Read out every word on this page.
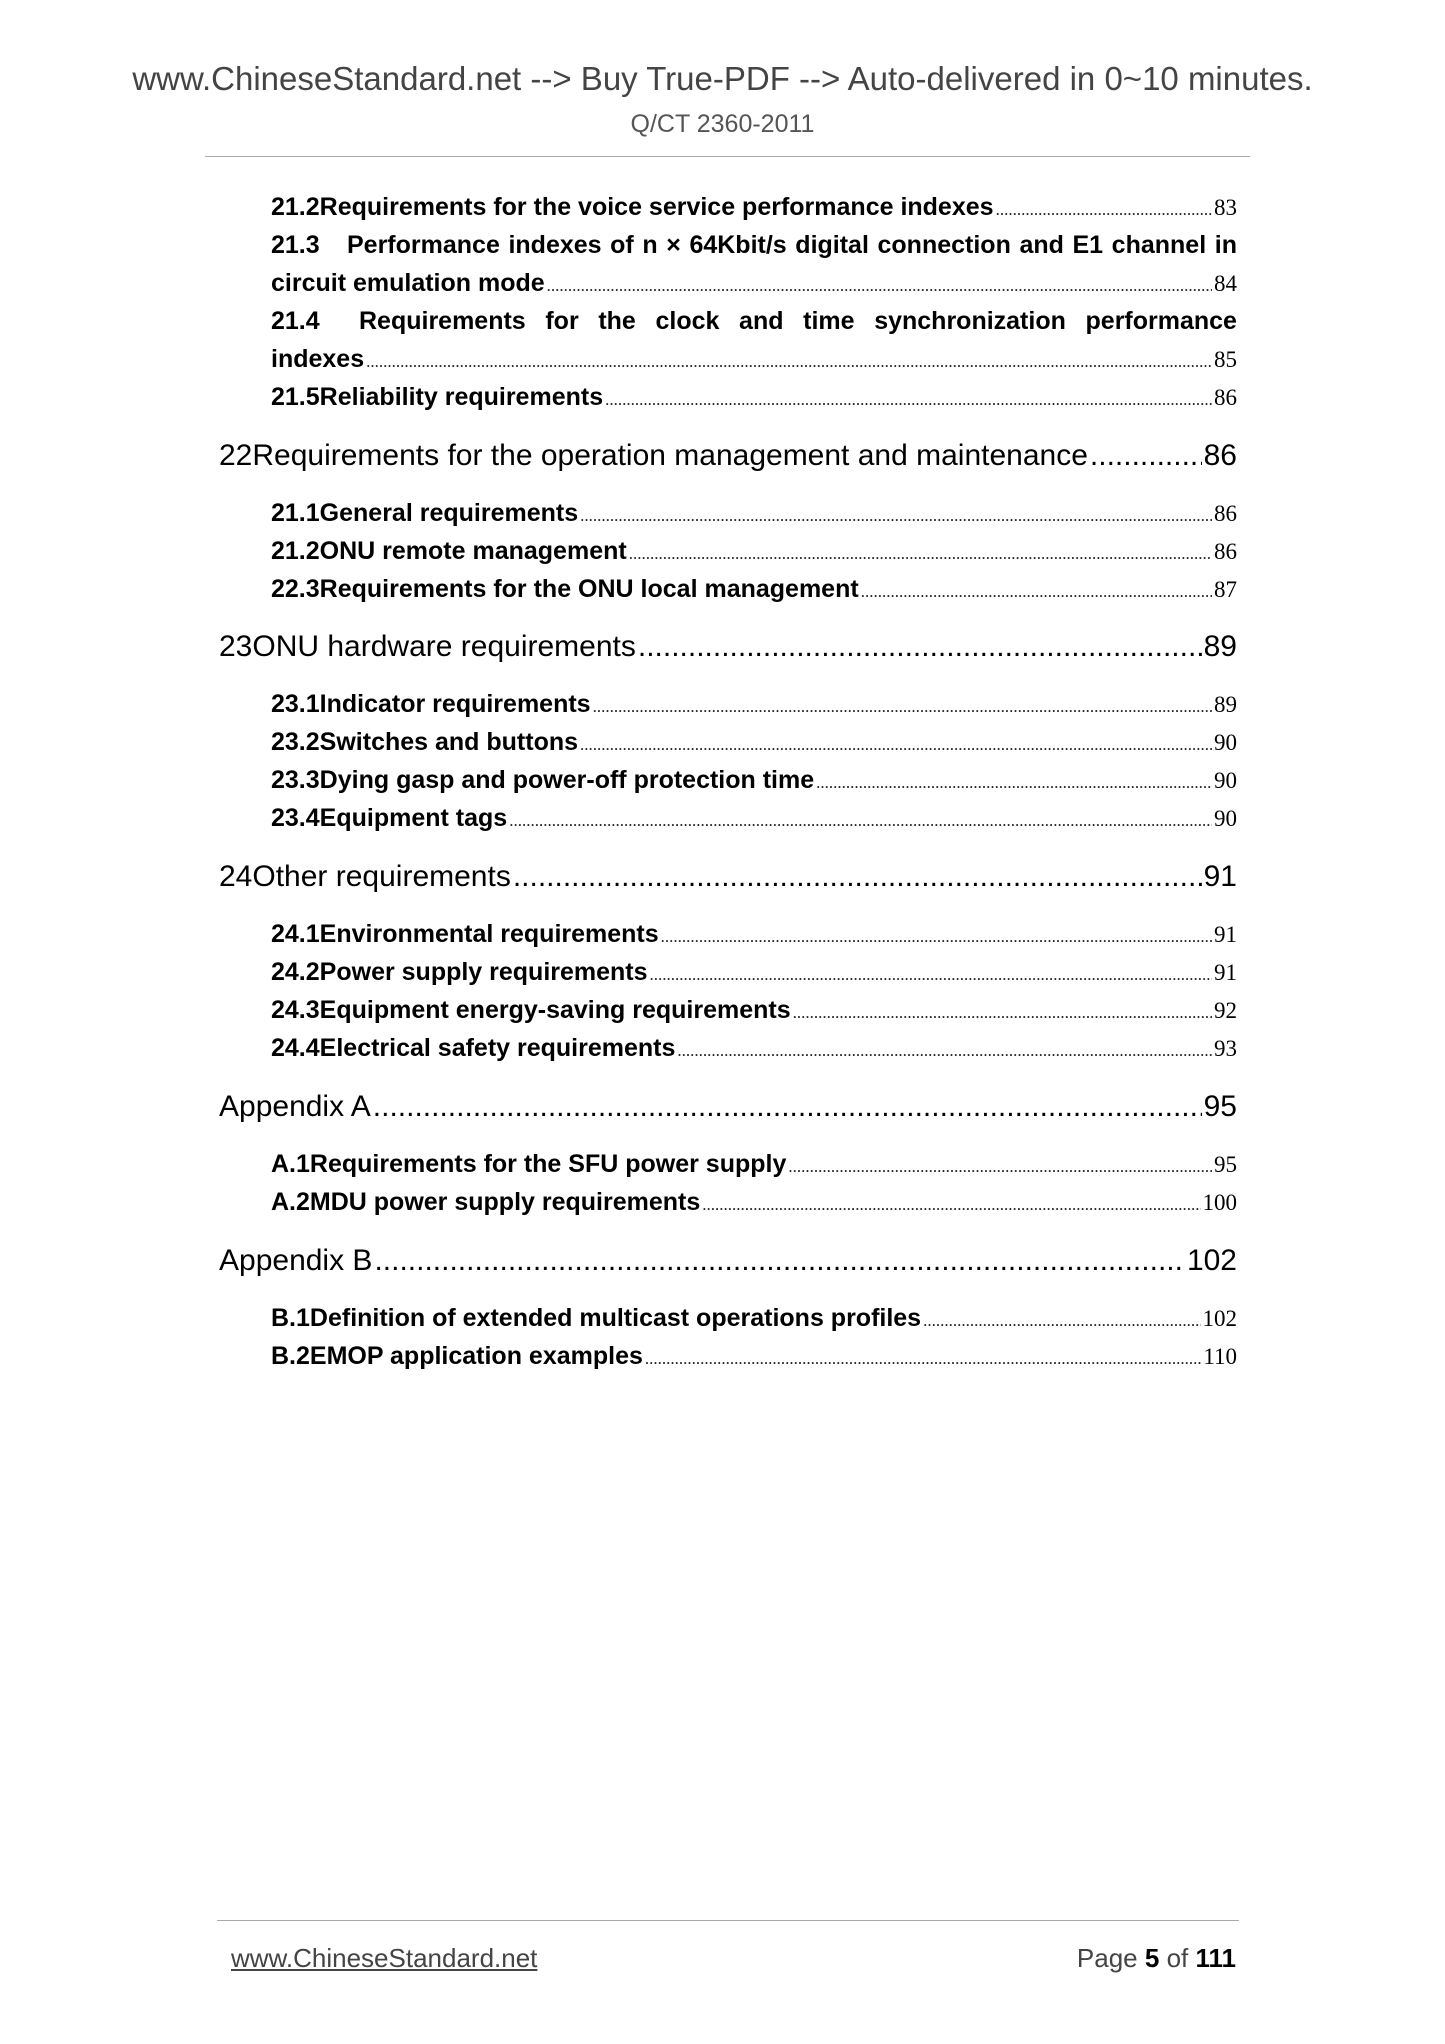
www.ChineseStandard.net --> Buy True-PDF --> Auto-delivered in 0~10 minutes.
Q/CT 2360-2011
21.2 Requirements for the voice service performance indexes .....	83
21.3	Performance indexes of n × 64Kbit/s digital connection and E1 channel in
circuit emulation mode .....	84
21.4	Requirements for the clock and time synchronization performance
indexes .....	85
21.5 Reliability requirements .....	86
22 Requirements for the operation management and maintenance .....	86
21.1 General requirements .....	86
21.2 ONU remote management .....	86
22.3 Requirements for the ONU local management .....	87
23 ONU hardware requirements .....	89
23.1 Indicator requirements .....	89
23.2 Switches and buttons .....	90
23.3 Dying gasp and power-off protection time .....	90
23.4 Equipment tags .....	90
24 Other requirements .....	91
24.1 Environmental requirements .....	91
24.2 Power supply requirements .....	91
24.3 Equipment energy-saving requirements .....	92
24.4 Electrical safety requirements .....	93
Appendix A .....	95
A.1 Requirements for the SFU power supply .....	95
A.2 MDU power supply requirements .....	100
Appendix B .....	102
B.1 Definition of extended multicast operations profiles .....	102
B.2 EMOP application examples .....	110
www.ChineseStandard.net	Page 5 of 111
